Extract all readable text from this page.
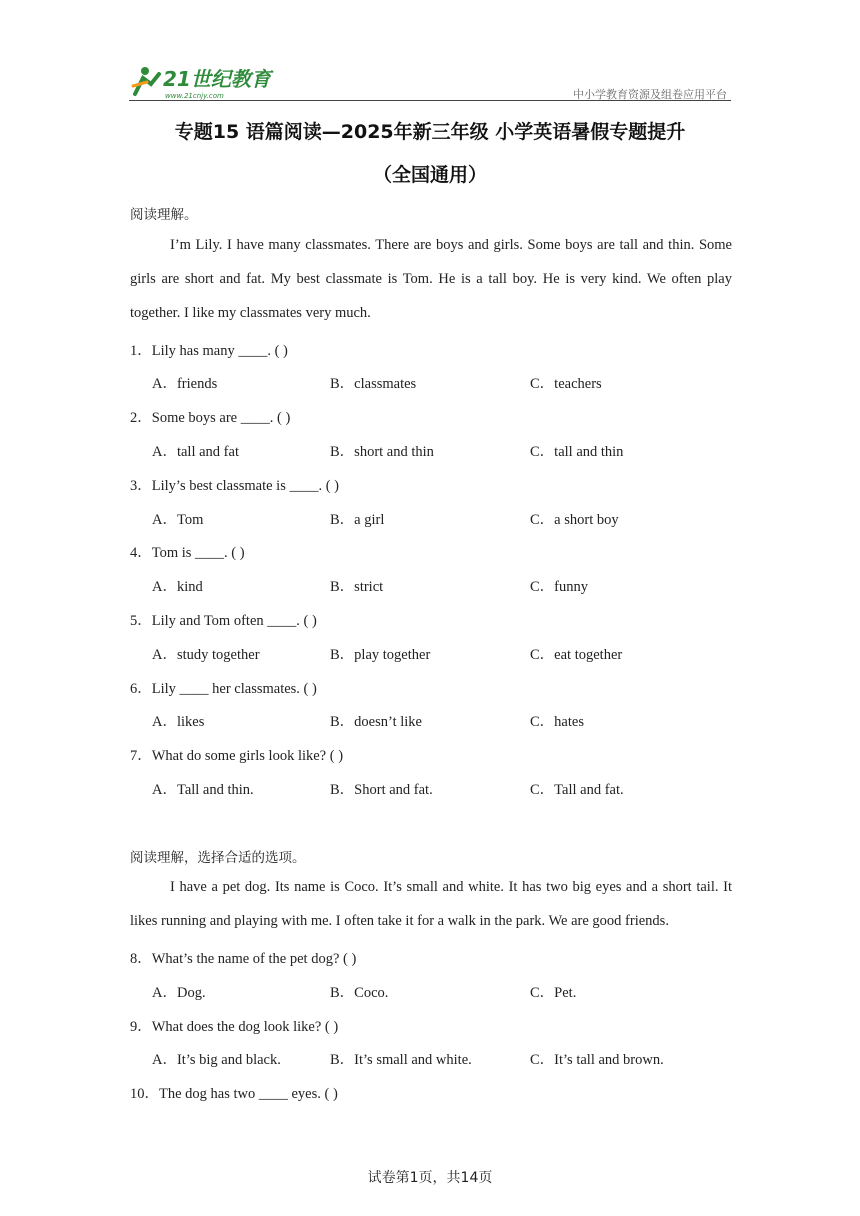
21世纪教育
www.21cnjy.com	中小学教育资源及组卷应用平台
专题15 语篇阅读—2025年新三年级 小学英语暑假专题提升
（全国通用）
阅读理解。
I’m Lily. I have many classmates. There are boys and girls. Some boys are tall and thin. Some girls are short and fat. My best classmate is Tom. He is a tall boy. He is very kind. We often play together. I like my classmates very much.
1．Lily has many ____. ( )
A．friends	B．classmates	C．teachers
2．Some boys are ____. ( )
A．tall and fat	B．short and thin	C．tall and thin
3．Lily’s best classmate is ____. ( )
A．Tom	B．a girl	C．a short boy
4．Tom is ____. ( )
A．kind	B．strict	C．funny
5．Lily and Tom often ____. ( )
A．study together	B．play together	C．eat together
6．Lily ____ her classmates. ( )
A．likes	B．doesn’t like	C．hates
7．What do some girls look like? ( )
A．Tall and thin.	B．Short and fat.	C．Tall and fat.
阅读理解，选择合适的选项。
I have a pet dog. Its name is Coco. It’s small and white. It has two big eyes and a short tail. It likes running and playing with me. I often take it for a walk in the park. We are good friends.
8．What’s the name of the pet dog? ( )
A．Dog.	B．Coco.	C．Pet.
9．What does the dog look like? ( )
A．It’s big and black.	B．It’s small and white.	C．It’s tall and brown.
10．The dog has two ____ eyes. ( )
试卷第1页，共14页
